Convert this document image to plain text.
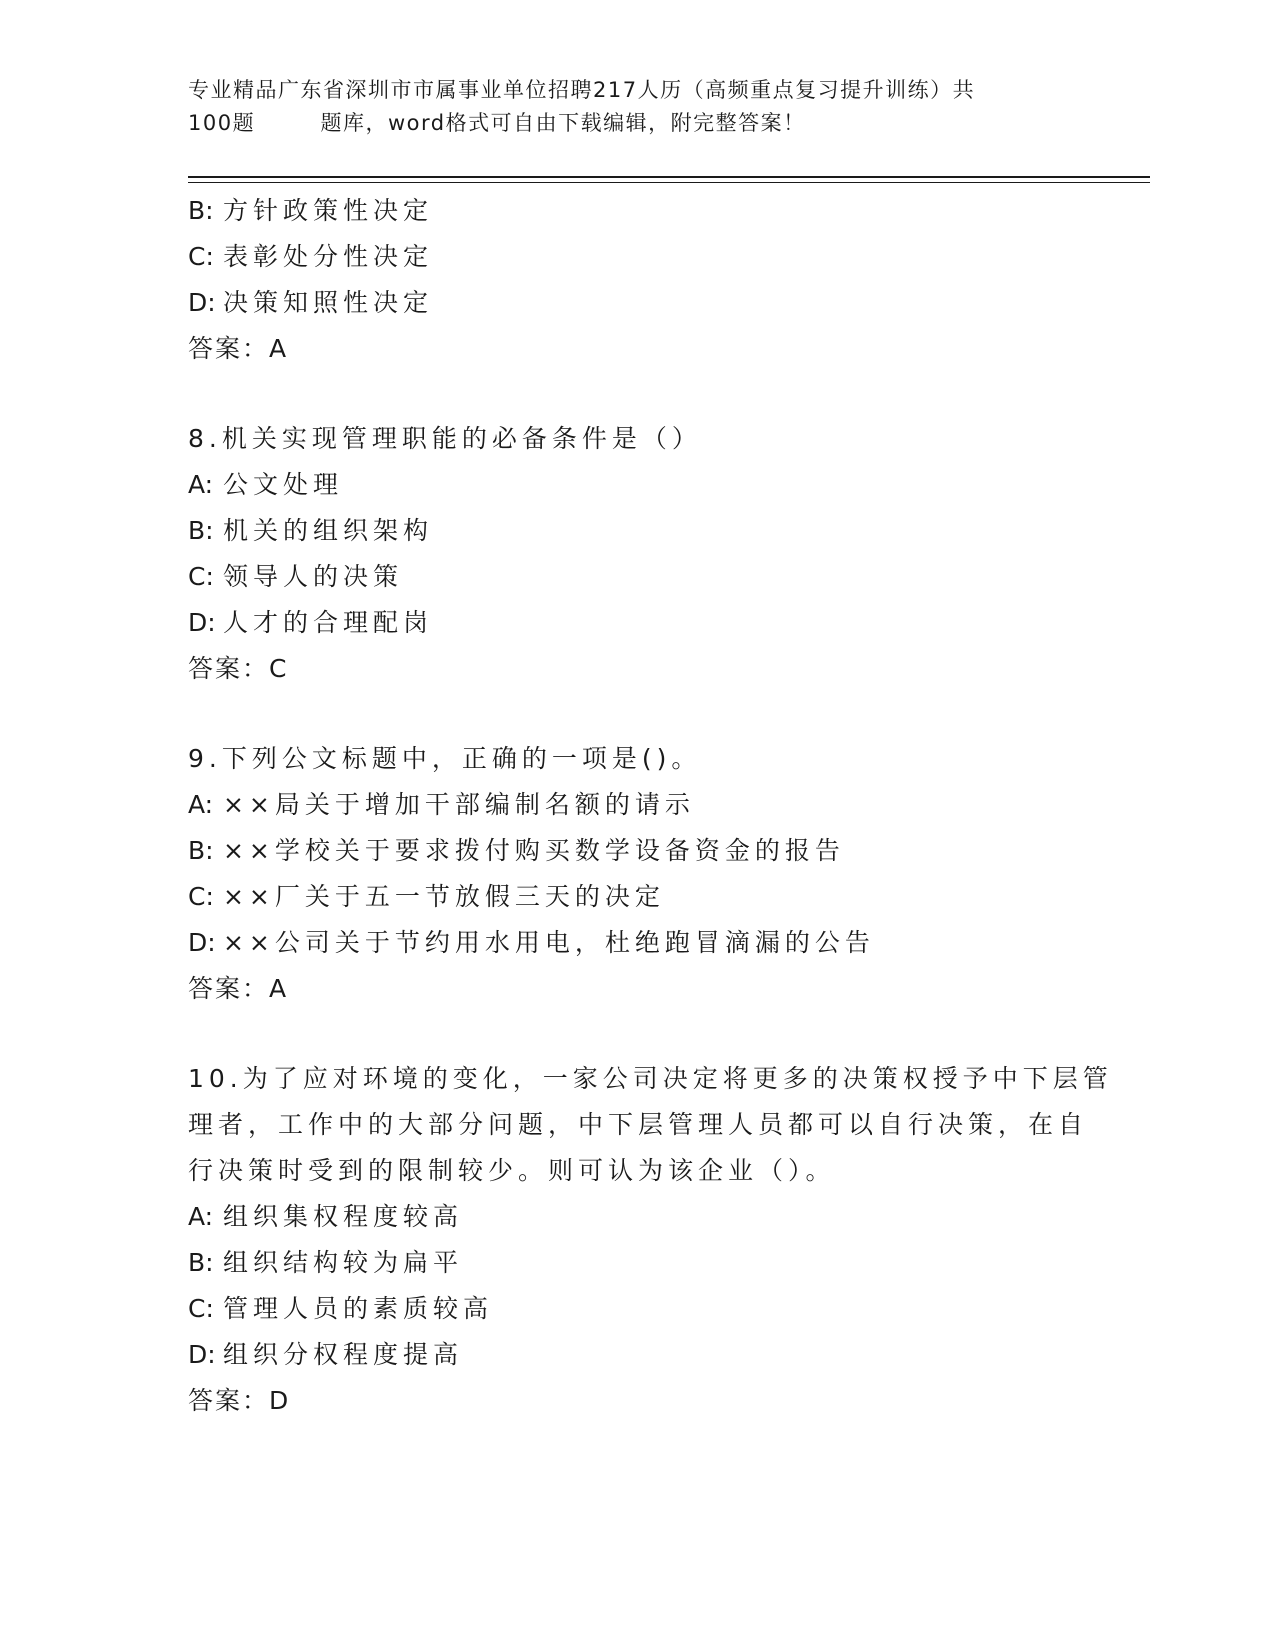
专业精品广东省深圳市市属事业单位招聘217人历（高频重点复习提升训练）共
100题        题库，word格式可自由下载编辑，附完整答案！
B: 方针政策性决定
C: 表彰处分性决定
D: 决策知照性决定
答案：A
8.机关实现管理职能的必备条件是（）
A: 公文处理
B: 机关的组织架构
C: 领导人的决策
D: 人才的合理配岗
答案：C
9.下列公文标题中，正确的一项是()。
A: ××局关于增加干部编制名额的请示
B: ××学校关于要求拨付购买数学设备资金的报告
C: ××厂关于五一节放假三天的决定
D: ××公司关于节约用水用电，杜绝跑冒滴漏的公告
答案：A
10.为了应对环境的变化，一家公司决定将更多的决策权授予中下层管
理者，工作中的大部分问题，中下层管理人员都可以自行决策，在自
行决策时受到的限制较少。则可认为该企业（）。
A: 组织集权程度较高
B: 组织结构较为扁平
C: 管理人员的素质较高
D: 组织分权程度提高
答案：D
